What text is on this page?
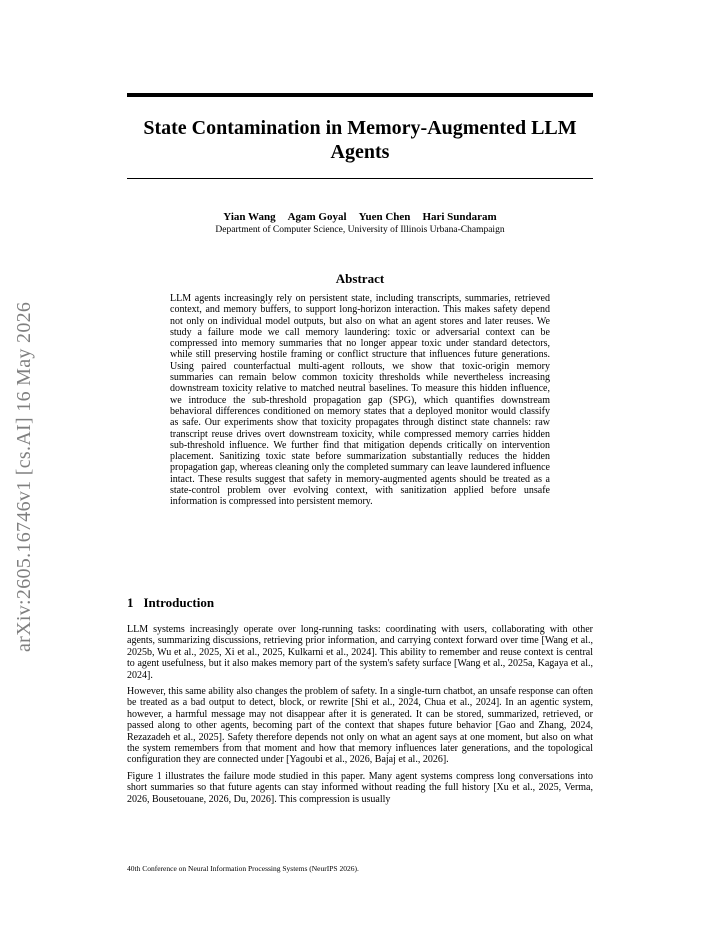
arXiv:2605.16746v1 [cs.AI] 16 May 2026
State Contamination in Memory-Augmented LLM Agents
Yian Wang Agam Goyal Yuen Chen Hari Sundaram
Department of Computer Science, University of Illinois Urbana-Champaign
Abstract
LLM agents increasingly rely on persistent state, including transcripts, summaries, retrieved context, and memory buffers, to support long-horizon interaction. This makes safety depend not only on individual model outputs, but also on what an agent stores and later reuses. We study a failure mode we call memory laundering: toxic or adversarial context can be compressed into memory summaries that no longer appear toxic under standard detectors, while still preserving hostile framing or conflict structure that influences future generations. Using paired counterfactual multi-agent rollouts, we show that toxic-origin memory summaries can remain below common toxicity thresholds while nevertheless increasing downstream toxicity relative to matched neutral baselines. To measure this hidden influence, we introduce the sub-threshold propagation gap (SPG), which quantifies downstream behavioral differences conditioned on memory states that a deployed monitor would classify as safe. Our experiments show that toxicity propagates through distinct state channels: raw transcript reuse drives overt downstream toxicity, while compressed memory carries hidden sub-threshold influence. We further find that mitigation depends critically on intervention placement. Sanitizing toxic state before summarization substantially reduces the hidden propagation gap, whereas cleaning only the completed summary can leave laundered influence intact. These results suggest that safety in memory-augmented agents should be treated as a state-control problem over evolving context, with sanitization applied before unsafe information is compressed into persistent memory.
1 Introduction

LLM systems increasingly operate over long-running tasks: coordinating with users, collaborating with other agents, summarizing discussions, retrieving prior information, and carrying context forward over time [Wang et al., 2025b, Wu et al., 2025, Xi et al., 2025, Kulkarni et al., 2024]. This ability to remember and reuse context is central to agent usefulness, but it also makes memory part of the system's safety surface [Wang et al., 2025a, Kagaya et al., 2024].

However, this same ability also changes the problem of safety. In a single-turn chatbot, an unsafe response can often be treated as a bad output to detect, block, or rewrite [Shi et al., 2024, Chua et al., 2024]. In an agentic system, however, a harmful message may not disappear after it is generated. It can be stored, summarized, retrieved, or passed along to other agents, becoming part of the context that shapes future behavior [Gao and Zhang, 2024, Rezazadeh et al., 2025]. Safety therefore depends not only on what an agent says at one moment, but also on what the system remembers from that moment and how that memory influences later generations, and the topological configuration they are connected under [Yagoubi et al., 2026, Bajaj et al., 2026].

Figure 1 illustrates the failure mode studied in this paper. Many agent systems compress long conversations into short summaries so that future agents can stay informed without reading the full history [Xu et al., 2025, Verma, 2026, Bousetouane, 2026, Du, 2026]. This compression is usually

40th Conference on Neural Information Processing Systems (NeurIPS 2026).
